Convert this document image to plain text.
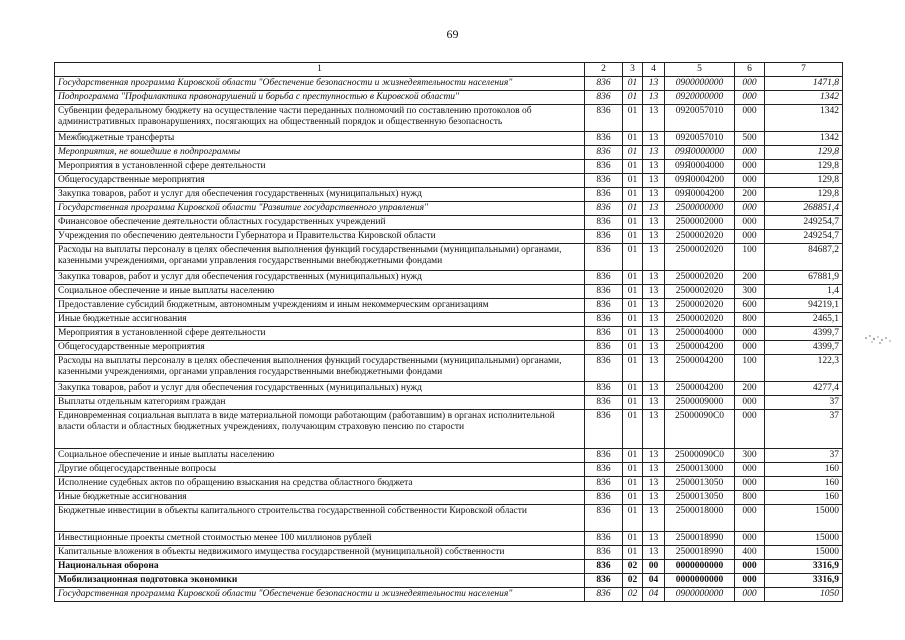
69
1	2	3	4	5	6	7
Государственная программа Кировской области "Обеспечение безопасности и жизнедеятельности населения"	836	01	13	0900000000	000	1471,8
Подпрограмма "Профилактика правонарушений и борьба с преступностью в Кировской области"	836	01	13	0920000000	000	1342
Субвенции федеральному бюджету на осуществление части переданных полномочий по составлению протоколов об административных правонарушениях, посягающих на общественный порядок и общественную безопасность	836	01	13	0920057010	000	1342
Межбюджетные трансферты	836	01	13	0920057010	500	1342
Мероприятия, не вошедшие в подпрограммы	836	01	13	09Я0000000	000	129,8
Мероприятия в установленной сфере деятельности	836	01	13	09Я0004000	000	129,8
Общегосударственные мероприятия	836	01	13	09Я0004200	000	129,8
Закупка товаров, работ и услуг для обеспечения государственных (муниципальных) нужд	836	01	13	09Я0004200	200	129,8
Государственная программа Кировской области "Развитие государственного управления"	836	01	13	2500000000	000	268851,4
Финансовое обеспечение деятельности областных государственных учреждений	836	01	13	2500002000	000	249254,7
Учреждения по обеспечению деятельности Губернатора и Правительства Кировской области	836	01	13	2500002020	000	249254,7
Расходы на выплаты персоналу в целях обеспечения выполнения функций государственными (муниципальными) органами, казенными учреждениями, органами управления государственными внебюджетными фондами	836	01	13	2500002020	100	84687,2
Закупка товаров, работ и услуг для обеспечения государственных (муниципальных) нужд	836	01	13	2500002020	200	67881,9
Социальное обеспечение и иные выплаты населению	836	01	13	2500002020	300	1,4
Предоставление субсидий бюджетным, автономным учреждениям и иным некоммерческим организациям	836	01	13	2500002020	600	94219,1
Иные бюджетные ассигнования	836	01	13	2500002020	800	2465,1
Мероприятия в установленной сфере деятельности	836	01	13	2500004000	000	4399,7
Общегосударственные мероприятия	836	01	13	2500004200	000	4399,7
Расходы на выплаты персоналу в целях обеспечения выполнения функций государственными (муниципальными) органами, казенными учреждениями, органами управления государственными внебюджетными фондами	836	01	13	2500004200	100	122,3
Закупка товаров, работ и услуг для обеспечения государственных (муниципальных) нужд	836	01	13	2500004200	200	4277,4
Выплаты отдельным категориям граждан	836	01	13	2500009000	000	37
Единовременная социальная выплата в виде материальной помощи работающим (работавшим) в органах исполнительной власти области и областных бюджетных учреждениях, получающим страховую пенсию по старости	836	01	13	25000090С0	000	37
Социальное обеспечение и иные выплаты населению	836	01	13	25000090С0	300	37
Другие общегосударственные вопросы	836	01	13	2500013000	000	160
Исполнение судебных актов по обращению взыскания на средства областного бюджета	836	01	13	2500013050	000	160
Иные бюджетные ассигнования	836	01	13	2500013050	800	160
Бюджетные инвестиции в объекты капитального строительства государственной собственности Кировской области	836	01	13	2500018000	000	15000
Инвестиционные проекты сметной стоимостью менее 100 миллионов рублей	836	01	13	2500018990	000	15000
Капитальные вложения в объекты недвижимого имущества государственной (муниципальной) собственности	836	01	13	2500018990	400	15000
Национальная оборона	836	02	00	0000000000	000	3316,9
Мобилизационная подготовка экономики	836	02	04	0000000000	000	3316,9
Государственная программа Кировской области "Обеспечение безопасности и жизнедеятельности населения"	836	02	04	0900000000	000	1050
